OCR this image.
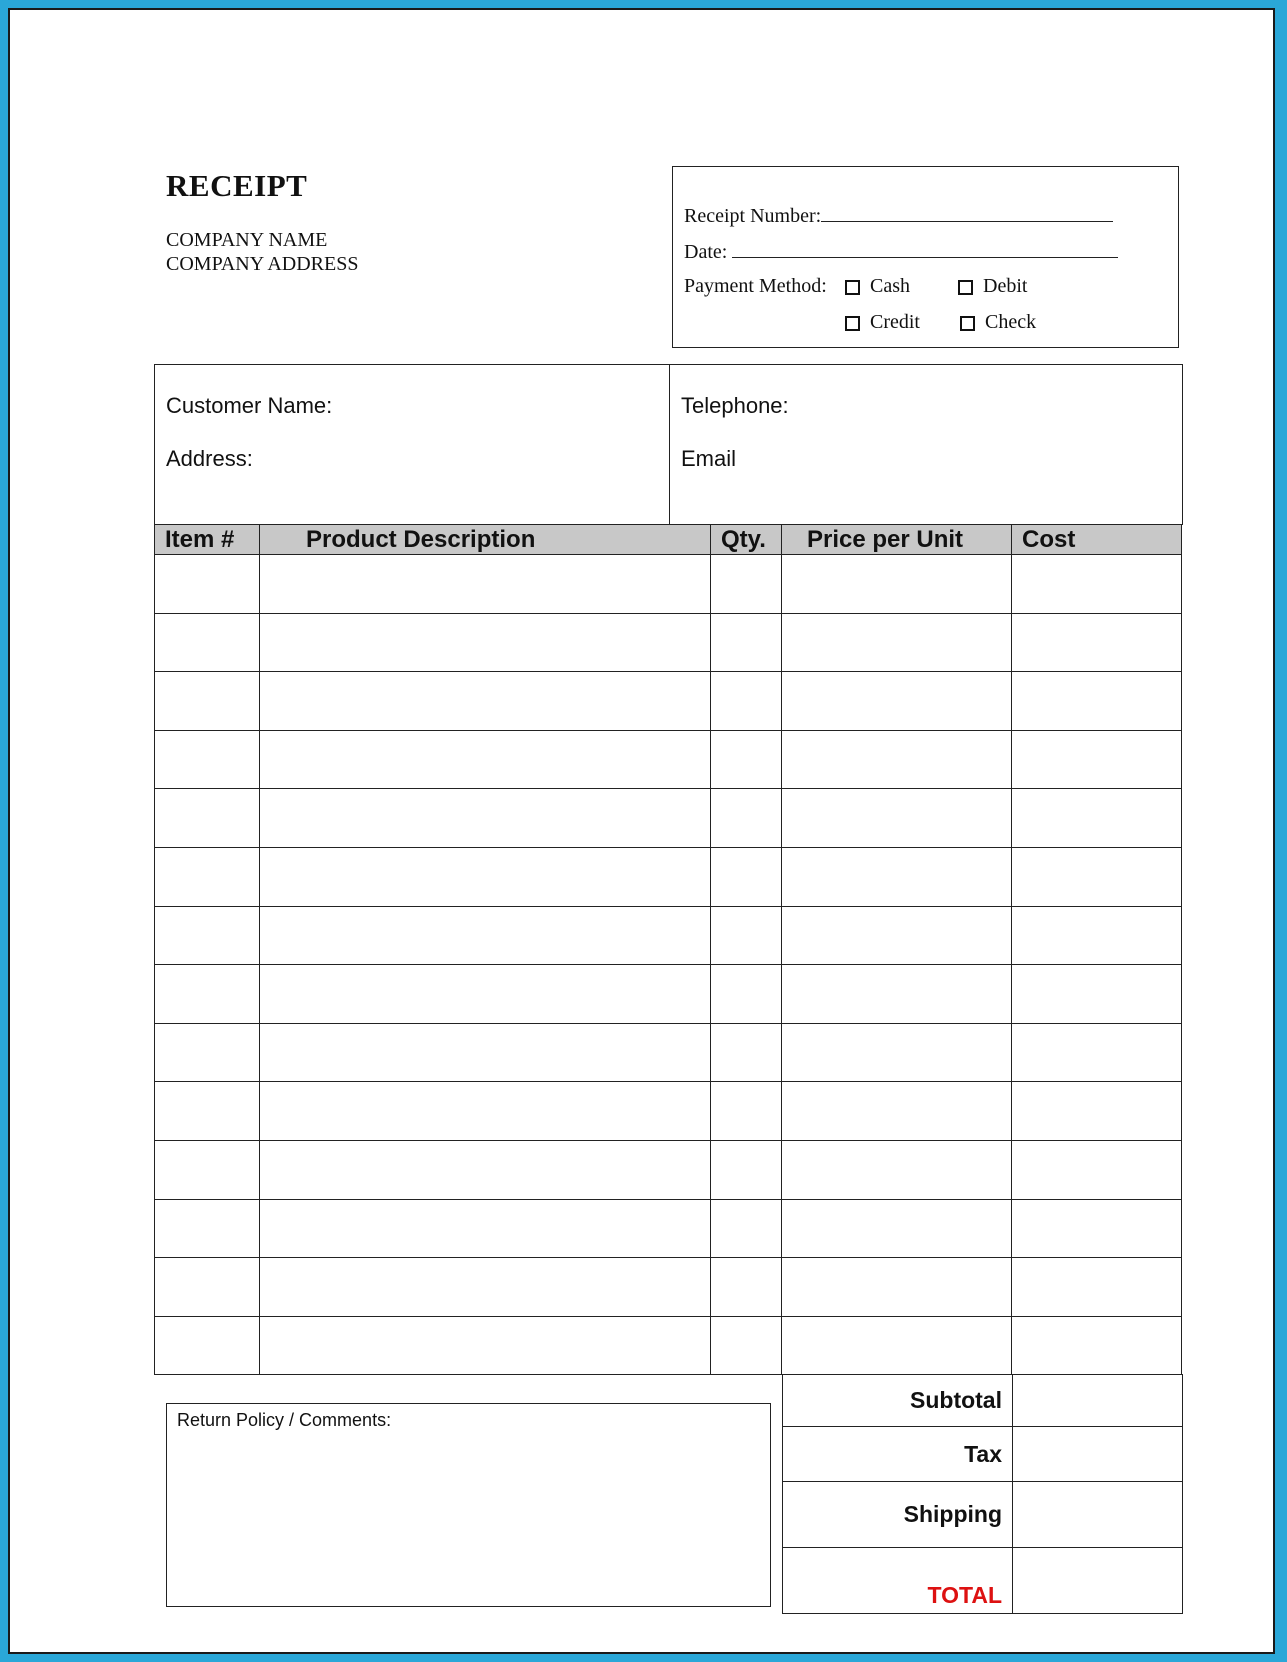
RECEIPT
COMPANY NAME
COMPANY ADDRESS
Receipt Number:
Date:
Payment Method:	Cash	Debit
Credit	Check
Customer Name:
Address:
Telephone:
Email
Item #	Product Description	Qty.	Price per Unit	Cost

Return Policy / Comments:
Subtotal	
Tax	
Shipping	
TOTAL	
